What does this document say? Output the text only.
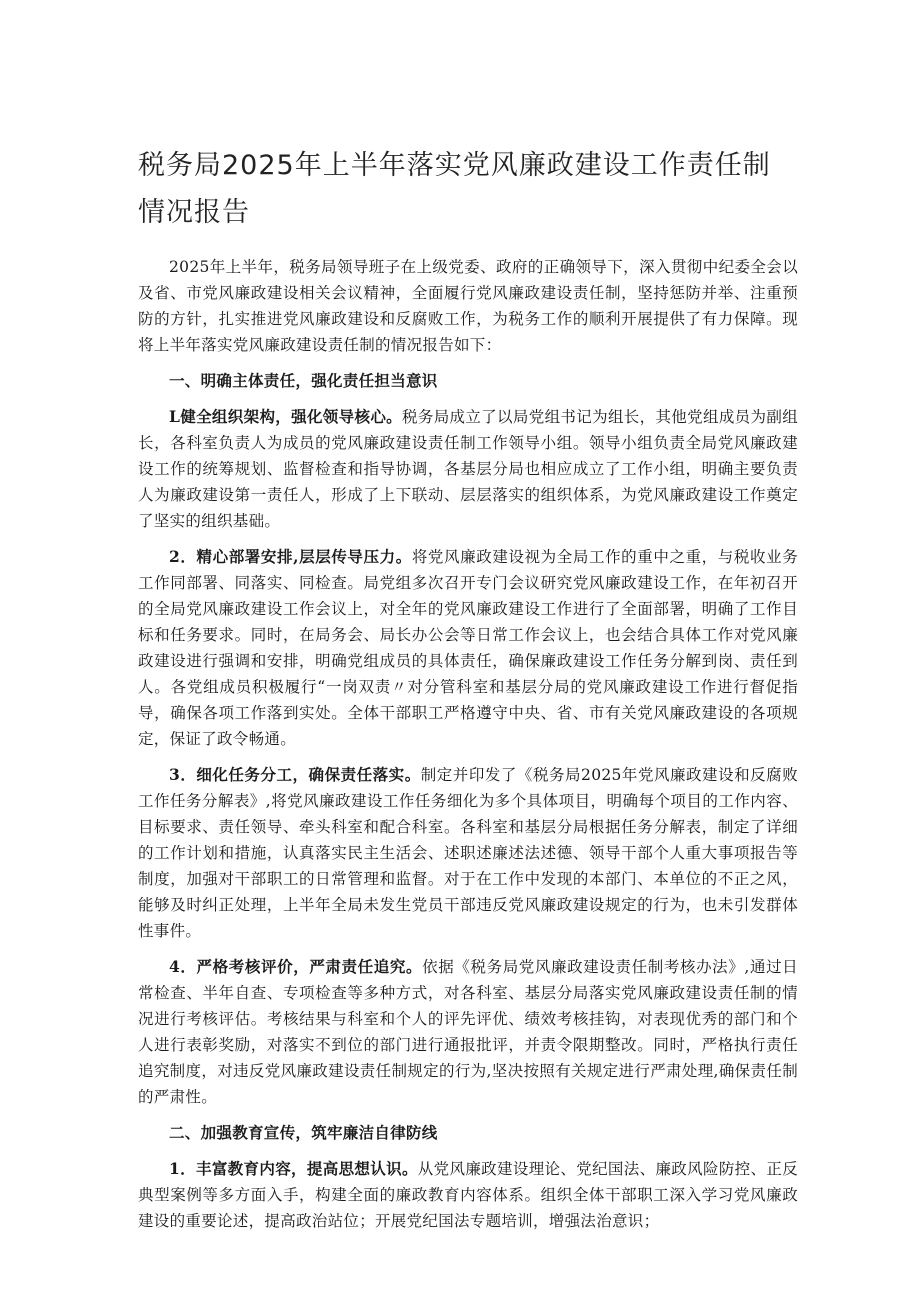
税务局2025年上半年落实党风廉政建设工作责任制
情况报告

2025年上半年，税务局领导班子在上级党委、政府的正确领导下，深入贯彻中纪委全会以及省、市党风廉政建设相关会议精神，全面履行党风廉政建设责任制，坚持惩防并举、注重预防的方针，扎实推进党风廉政建设和反腐败工作，为税务工作的顺利开展提供了有力保障。现将上半年落实党风廉政建设责任制的情况报告如下：

一、明确主体责任，强化责任担当意识

L健全组织架构，强化领导核心。税务局成立了以局党组书记为组长，其他党组成员为副组长，各科室负责人为成员的党风廉政建设责任制工作领导小组。领导小组负责全局党风廉政建设工作的统筹规划、监督检查和指导协调，各基层分局也相应成立了工作小组，明确主要负责人为廉政建设第一责任人，形成了上下联动、层层落实的组织体系，为党风廉政建设工作奠定了坚实的组织基础。

2．精心部署安排,层层传导压力。将党风廉政建设视为全局工作的重中之重，与税收业务工作同部署、同落实、同检查。局党组多次召开专门会议研究党风廉政建设工作，在年初召开的全局党风廉政建设工作会议上，对全年的党风廉政建设工作进行了全面部署，明确了工作目标和任务要求。同时，在局务会、局长办公会等日常工作会议上，也会结合具体工作对党风廉政建设进行强调和安排，明确党组成员的具体责任，确保廉政建设工作任务分解到岗、责任到人。各党组成员积极履行“一岗双责〃对分管科室和基层分局的党风廉政建设工作进行督促指导，确保各项工作落到实处。全体干部职工严格遵守中央、省、市有关党风廉政建设的各项规定，保证了政令畅通。

3．细化任务分工，确保责任落实。制定并印发了《税务局2025年党风廉政建设和反腐败工作任务分解表》,将党风廉政建设工作任务细化为多个具体项目，明确每个项目的工作内容、目标要求、责任领导、牵头科室和配合科室。各科室和基层分局根据任务分解表，制定了详细的工作计划和措施，认真落实民主生活会、述职述廉述法述德、领导干部个人重大事项报告等制度，加强对干部职工的日常管理和监督。对于在工作中发现的本部门、本单位的不正之风，能够及时纠正处理，上半年全局未发生党员干部违反党风廉政建设规定的行为，也未引发群体性事件。

4．严格考核评价，严肃责任追究。依据《税务局党风廉政建设责任制考核办法》,通过日常检查、半年自查、专项检查等多种方式，对各科室、基层分局落实党风廉政建设责任制的情况进行考核评估。考核结果与科室和个人的评先评优、绩效考核挂钩，对表现优秀的部门和个人进行表彰奖励，对落实不到位的部门进行通报批评，并责令限期整改。同时，严格执行责任追究制度，对违反党风廉政建设责任制规定的行为,坚决按照有关规定进行严肃处理,确保责任制的严肃性。

二、加强教育宣传，筑牢廉洁自律防线

1．丰富教育内容，提高思想认识。从党风廉政建设理论、党纪国法、廉政风险防控、正反典型案例等多方面入手，构建全面的廉政教育内容体系。组织全体干部职工深入学习党风廉政建设的重要论述，提高政治站位；开展党纪国法专题培训，增强法治意识；
